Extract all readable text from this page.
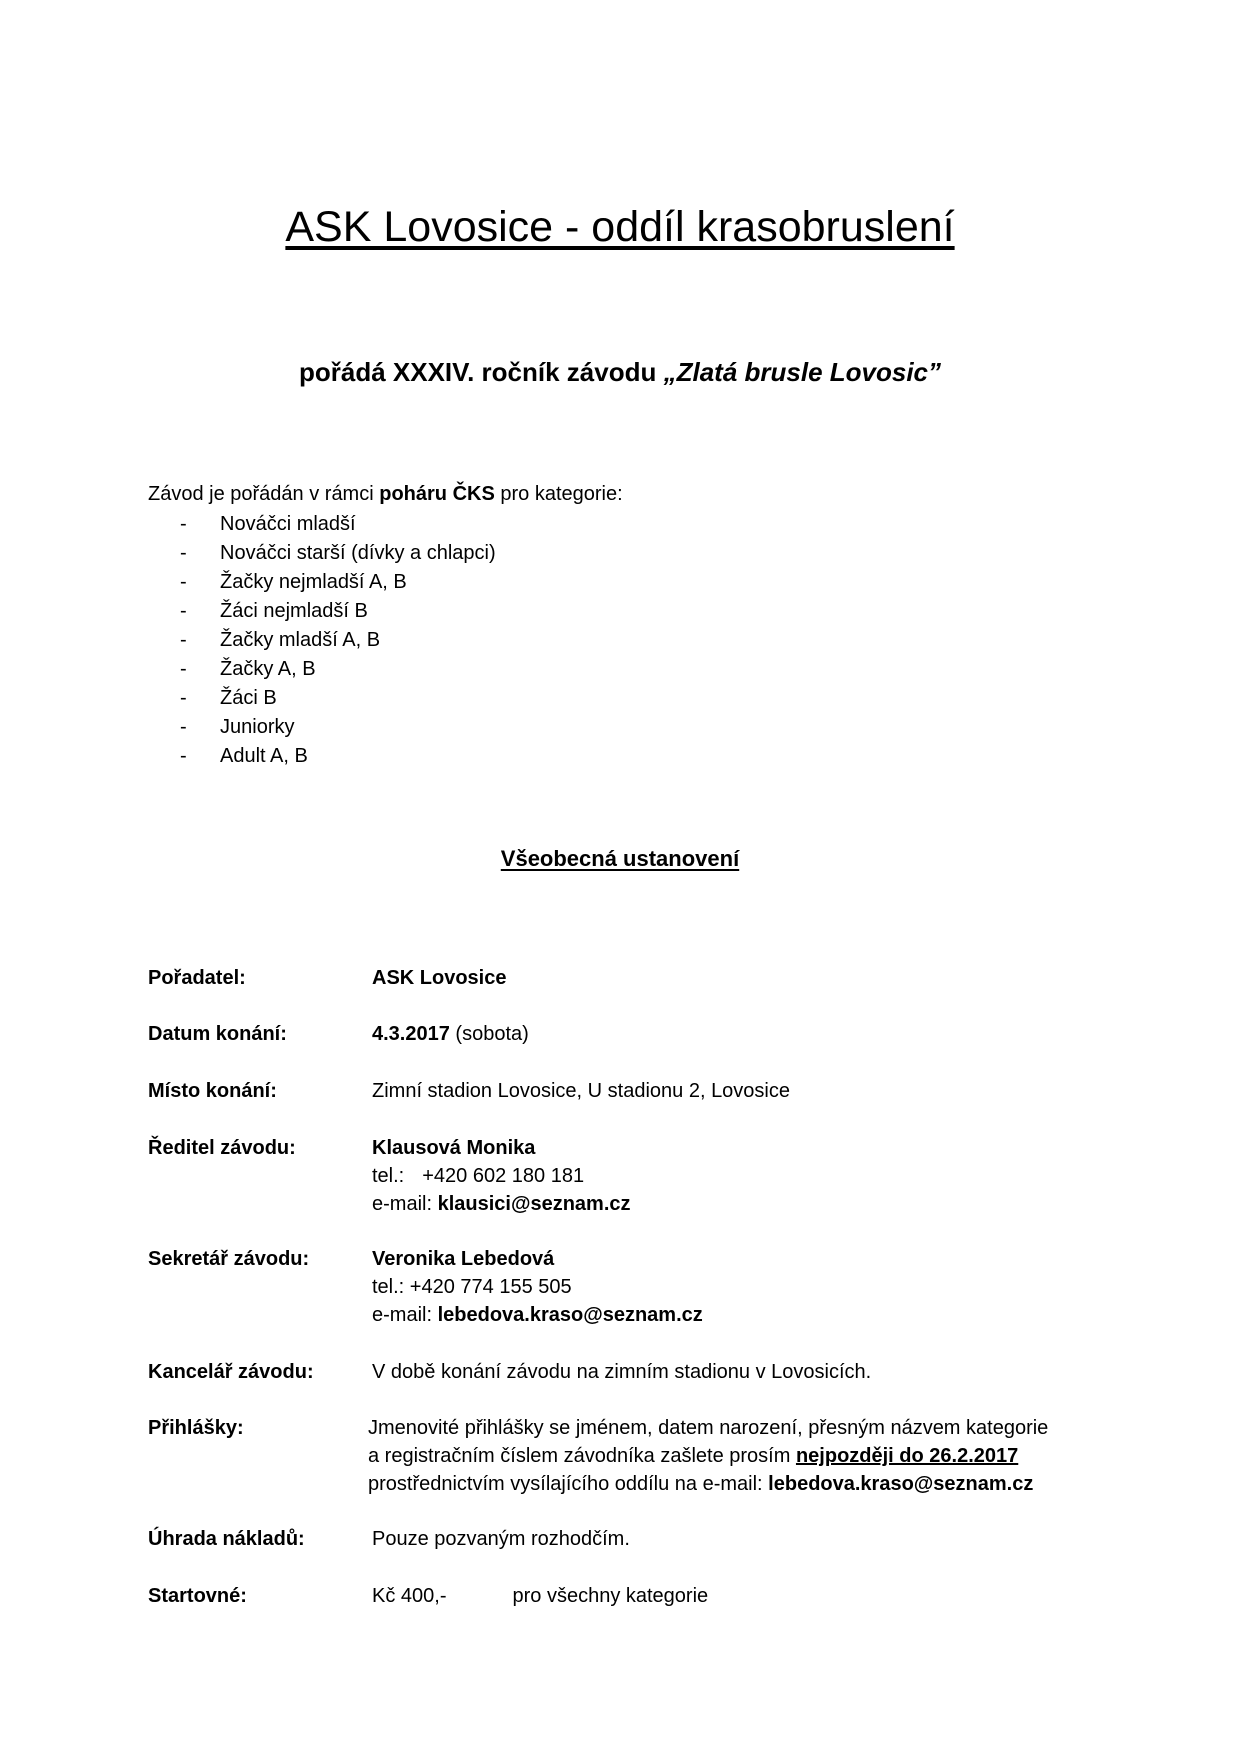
ASK Lovosice - oddíl krasobruslení
pořádá XXXIV. ročník závodu „Zlatá brusle Lovosic”
Závod je pořádán v rámci poháru ČKS pro kategorie:
- Nováčci mladší
- Nováčci starší (dívky a chlapci)
- Žačky nejmladší A, B
- Žáci nejmladší B
- Žačky mladší A, B
- Žačky A, B
- Žáci B
- Juniorky
- Adult A, B
Všeobecná ustanovení
Pořadatel:	ASK Lovosice
Datum konání:	4.3.2017 (sobota)
Místo konání:	Zimní stadion Lovosice, U stadionu 2, Lovosice
Ředitel závodu:	Klausová Monika
tel.: +420 602 180 181
e-mail: klausici@seznam.cz
Sekretář závodu:	Veronika Lebedová
tel.: +420 774 155 505
e-mail: lebedova.kraso@seznam.cz
Kancelář závodu:	V době konání závodu na zimním stadionu v Lovosicích.
Přihlášky:	Jmenovité přihlášky se jménem, datem narození, přesným názvem kategorie
a registračním číslem závodníka zašlete prosím nejpozději do 26.2.2017
prostřednictvím vysílajícího oddílu na e-mail: lebedova.kraso@seznam.cz
Úhrada nákladů:	Pouze pozvaným rozhodčím.
Startovné:	Kč 400,-	pro všechny kategorie
